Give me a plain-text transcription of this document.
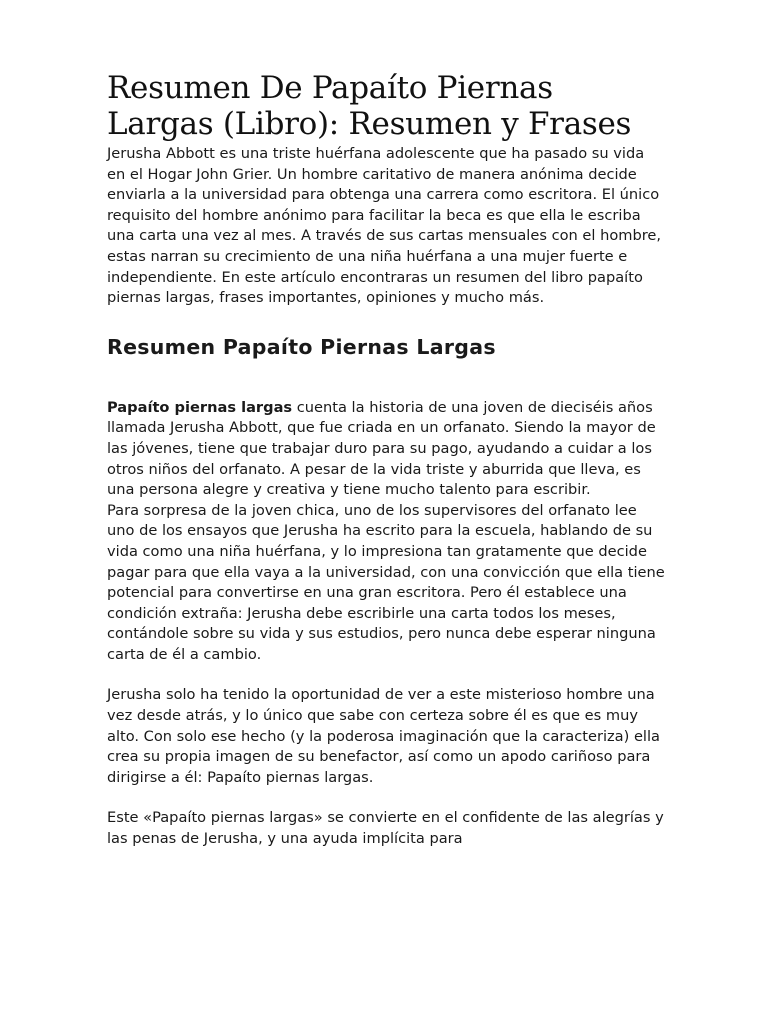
Resumen De Papaíto Piernas Largas (Libro): Resumen y Frases

Jerusha Abbott es una triste huérfana adolescente que ha pasado su vida en el Hogar John Grier. Un hombre caritativo de manera anónima decide enviarla a la universidad para obtenga una carrera como escritora. El único requisito del hombre anónimo para facilitar la beca es que ella le escriba una carta una vez al mes. A través de sus cartas mensuales con el hombre, estas narran su crecimiento de una niña huérfana a una mujer fuerte e independiente. En este artículo encontraras un resumen del libro papaíto piernas largas, frases importantes, opiniones y mucho más.

Resumen Papaíto Piernas Largas

Papaíto piernas largas cuenta la historia de una joven de dieciséis años llamada Jerusha Abbott, que fue criada en un orfanato. Siendo la mayor de las jóvenes, tiene que trabajar duro para su pago, ayudando a cuidar a los otros niños del orfanato. A pesar de la vida triste y aburrida que lleva, es una persona alegre y creativa y tiene mucho talento para escribir.

Para sorpresa de la joven chica, uno de los supervisores del orfanato lee uno de los ensayos que Jerusha ha escrito para la escuela, hablando de su vida como una niña huérfana, y lo impresiona tan gratamente que decide pagar para que ella vaya a la universidad, con una convicción que ella tiene potencial para convertirse en una gran escritora. Pero él establece una condición extraña: Jerusha debe escribirle una carta todos los meses, contándole sobre su vida y sus estudios, pero nunca debe esperar ninguna carta de él a cambio.

Jerusha solo ha tenido la oportunidad de ver a este misterioso hombre una vez desde atrás, y lo único que sabe con certeza sobre él es que es muy alto. Con solo ese hecho (y la poderosa imaginación que la caracteriza) ella crea su propia imagen de su benefactor, así como un apodo cariñoso para dirigirse a él: Papaíto piernas largas.

Este «Papaíto piernas largas» se convierte en el confidente de las alegrías y las penas de Jerusha, y una ayuda implícita para
